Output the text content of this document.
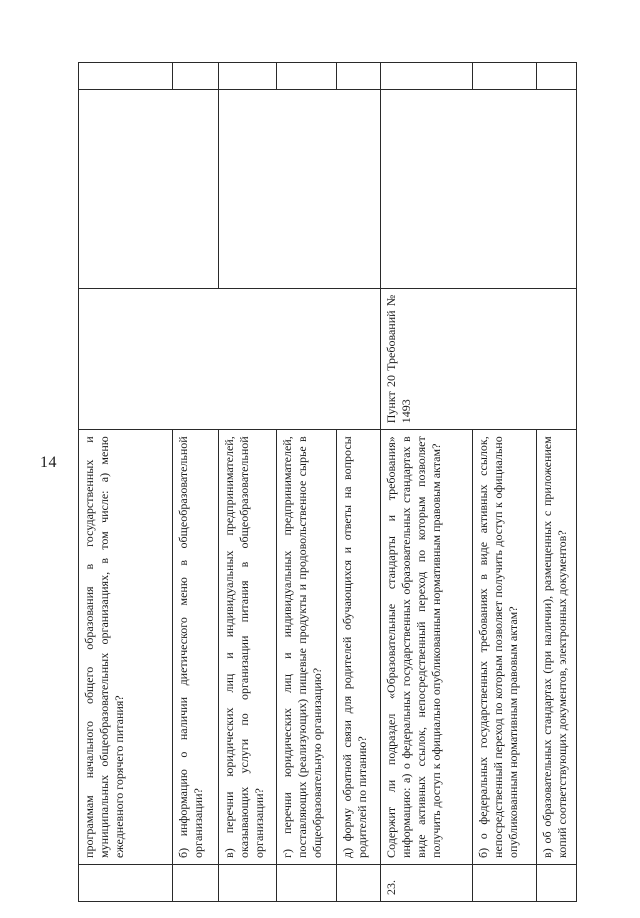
14
	программам начального общего образования в государственных и муниципальных общеобразовательных организациях, в том числе: а) меню ежедневного горячего питания?			
	б) информацию о наличии диетического меню в общеобразовательной организации?			
	в) перечни юридических лиц и индивидуальных предпринимателей, оказывающих услуги по организации питания в общеобразовательной организации?			
	г) перечни юридических лиц и индивидуальных предпринимателей, поставляющих (реализующих) пищевые продукты и продовольственное сырье в общеобразовательную организацию?			
	д) форму обратной связи для родителей обучающихся и ответы на вопросы родителей по питанию?			
23.	Содержит ли подраздел «Образовательные стандарты и требования» информацию: а) о федеральных государственных образовательных стандартах в виде активных ссылок, непосредственный переход по которым позволяет получить доступ к официально опубликованным нормативным правовым актам?	Пункт 20 Требований № 1493		
	б) о федеральных государственных требованиях в виде активных ссылок, непосредственный переход по которым позволяет получить доступ к официально опубликованным нормативным правовым актам?			
	в) об образовательных стандартах (при наличии), размещенных с приложением копий соответствующих документов, электронных документов?			
